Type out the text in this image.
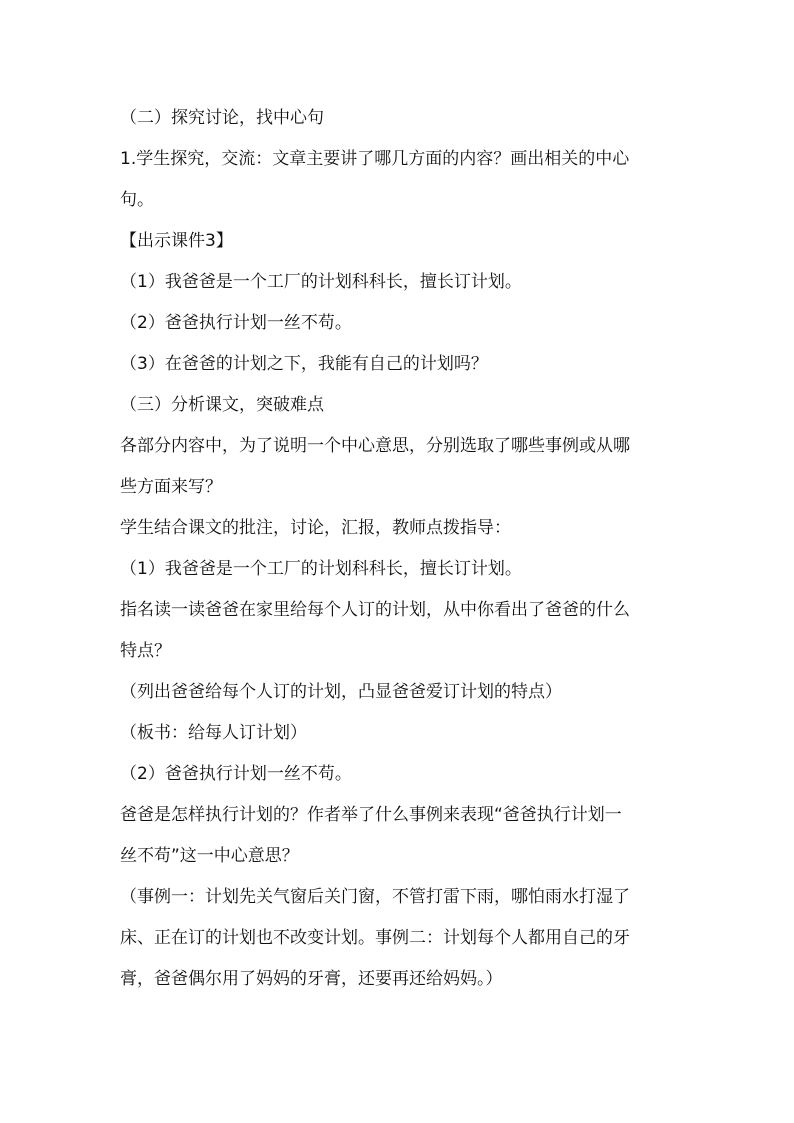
（二）探究讨论，找中心句
1.学生探究，交流：文章主要讲了哪几方面的内容？画出相关的中心
句。
【出示课件3】
（1）我爸爸是一个工厂的计划科科长，擅长订计划。
（2）爸爸执行计划一丝不苟。
（3）在爸爸的计划之下，我能有自己的计划吗？
（三）分析课文，突破难点
各部分内容中，为了说明一个中心意思，分别选取了哪些事例或从哪
些方面来写？
学生结合课文的批注，讨论，汇报，教师点拨指导：
（1）我爸爸是一个工厂的计划科科长，擅长订计划。
指名读一读爸爸在家里给每个人订的计划，从中你看出了爸爸的什么
特点？
（列出爸爸给每个人订的计划，凸显爸爸爱订计划的特点）
（板书：给每人订计划）
（2）爸爸执行计划一丝不苟。
爸爸是怎样执行计划的？作者举了什么事例来表现“爸爸执行计划一
丝不苟”这一中心意思？
（事例一：计划先关气窗后关门窗，不管打雷下雨，哪怕雨水打湿了
床、正在订的计划也不改变计划。事例二：计划每个人都用自己的牙
膏，爸爸偶尔用了妈妈的牙膏，还要再还给妈妈。）
